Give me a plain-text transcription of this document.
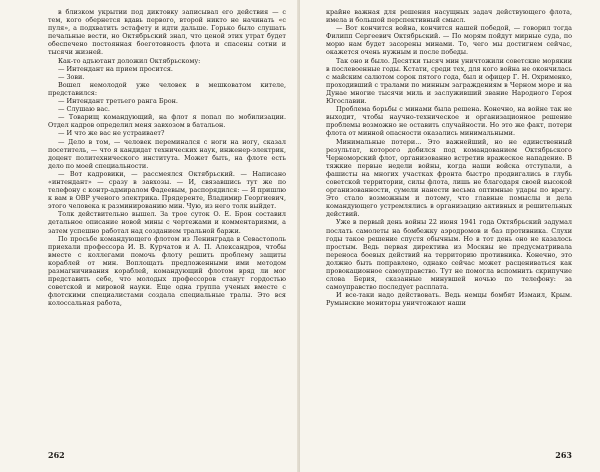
в близком укрытии под диктовку записывал его действия — с тем, кого обернется вдавь первого, второй никто не начинать «с пуля», а подхватить эстафету и идти дальше. Горько было слушать печальные вести, но Октябрьский знал, что ценой этих утрат будет обеспечено постоянная боеготовность флота и спасены сотни и тысячи жизней.

Как-то адъютант доложил Октябрьскому:

— Интендант на прием просится.

— Зови.

Вошел немолодой уже человек в мешковатом кителе, представился:

— Интендант третьего ранга Брон.

— Слушаю вас.

— Товарищ командующий, на флот я попал по мобилизации. Отдел кадров определил меня завхозом в батальон.

— И что же вас не устраивает?

— Дело в том, — человек переминался с ноги на ногу, сказал посетитель, — что я кандидат технических наук, инженер-электрик, доцент политехнического института. Может быть, на флоте есть дело по моей специальности.

— Вот кадровики, — рассмеялся Октябрьский. — Написано «интендант» — сразу в завхозы. — И, связавшись тут же по телефону с контр-адмиралом Фадеевым, распорядился: — Я пришлю к вам в ОВР ученого электрика. Прядеренте, Владимир Георгиевич, этого человека к разминированию мин. Чую, из него толк выйдет.

Толк действительно вышел. За трое суток О. Е. Брон составил детальное описание новой мины с чертежами и комментариями, а затем успешно работал над созданием тральной баржи.

По просьбе командующего флотом из Ленинграда в Севастополь приехали профессора И. В. Курчатов и А. П. Александров, чтобы вместе с коллегами помочь флоту решить проблему защиты кораблей от мин. Воплощать предложенными ими методом размагничивания кораблей, командующий флотом вряд ли мог представить себе, что молодых профессоров станут гордостью советской и мировой науки. Еще одна группа ученых вместе с флотскими специалистами создала специальные тралы. Это вся колоссальная работа,

262

крайне важная для решения насущных задач действующего флота, имела и большой перспективный смысл.

— Вот кончится война, кончится нашей победой, — говорил тогда Филипп Сергеевич Октябрьский. — По морям пойдут мирные суда, по морю нам будет засорены минами. То, чего мы достигнем сейчас, окажется очень нужным и после победы.

Так оно и было. Десятки тысяч мин уничтожили советские морякии в послевоенные годы. Кстати, среди тех, для кого война не окончилась с майским салютом сорок пятого года, был и офицер Г. Н. Охрименко, проходивший с тралами по минным заграждениям в Черном море и на Дунае многие тысячи миль и заслуживший звание Народного Героя Югославии.

Проблема борьбы с минами была решена. Конечно, на войне так не выходит, чтобы научно-техническое и организационное решение проблемы возможно не оставить случайности. Но это же факт, потери флота от минной опасности оказались минимальными.

Минимальные потери... Это важнейший, но не единственный результат, которого добился под командованием Октябрьского Черноморский флот, организованно встретив вражеское нападение. В тяжкие первые недели войны, когда наши войска отступали, а фашисты на многих участках фронта быстро продвигались в глубь советской территории, силы флота, лишь не благодаря своей высокой организованности, сумели нанести весьма оптимные удары по врагу. Это стало возможным и потому, что главные помыслы и дела командующего устремлялись в организацию активных и решительных действий.

Уже в первый день войны 22 июня 1941 года Октябрьский задумал послать самолеты на бомбежку аэродромов и баз противника. Слухи годы такое решение спустя обычным. Но в тот день оно не казалось простым. Ведь первая директива из Москвы не предусматривала переноса боевых действий на территорию противника. Конечно, это должно быть поправлено, однако сейчас может расцениваться как провокационное самоуправство. Тут не помогла вспомнить скрипучие слова Берия, сказанные минувшей ночью по телефону: за самоуправство последует расплата.

И все-таки надо действовать. Ведь немцы бомбят Измаил, Крым. Румынские мониторы уничтожают наши

263
